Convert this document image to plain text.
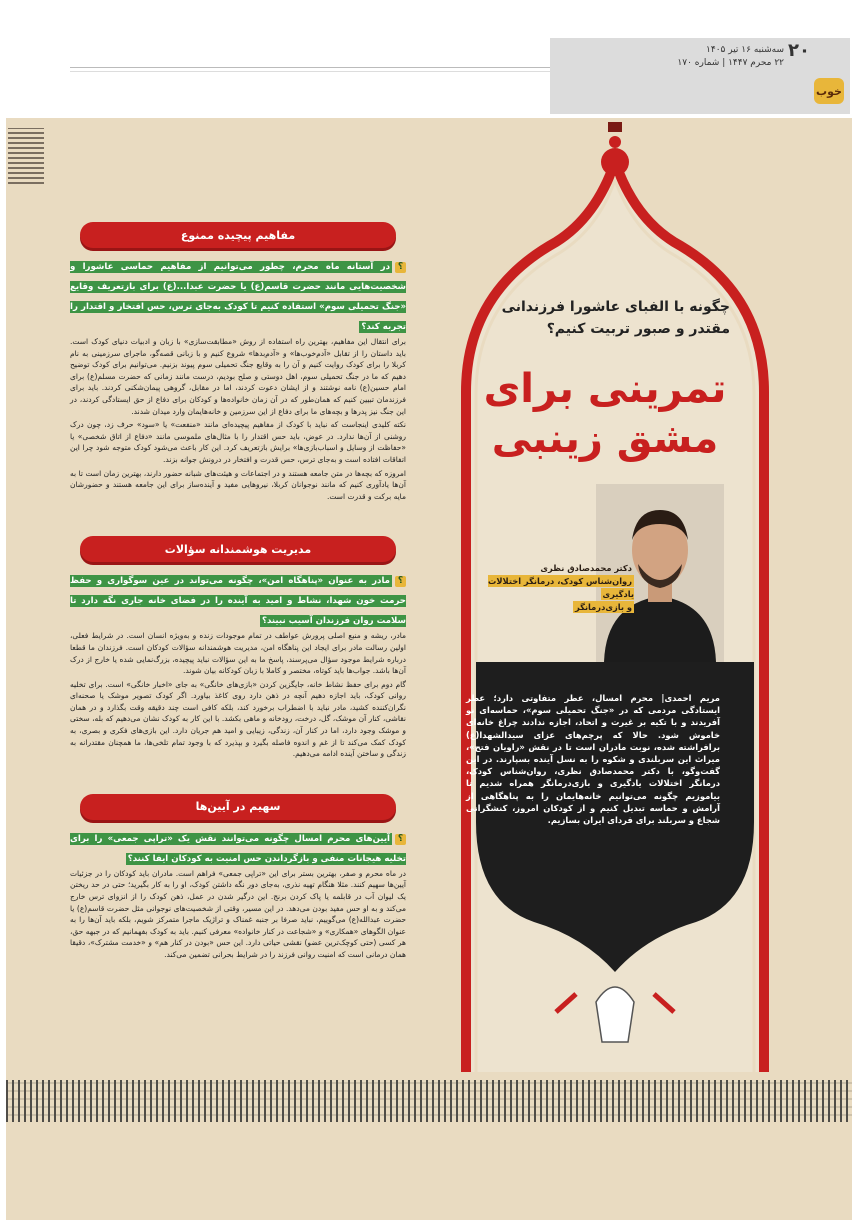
۲۰
سه‌شنبه ۱۶ تیر ۱۴۰۵
۲۲ محرم ۱۴۴۷ | شماره ۱۷۰
خوب
چگونه با الفبای عاشورا فرزندانی مقتدر و صبور تربیت کنیم؟
تمرینی برای مشق زینبی
دکتر محمدصادق نظری
روان‌شناس کودک، درمانگر اختلالات یادگیری
و بازی‌درمانگر
مریم احمدی| محرم امسال، عطر متفاوتی دارد؛ عطر ایستادگی مردمی که در «جنگ تحمیلی سوم»، حماسه‌ای نو آفریدند و با تکیه بر غیرت و اتحاد، اجازه ندادند چراغ خانه‌ای خاموش شود. حالا که پرچم‌های عزای سیدالشهدا(ع) برافراشته شده، نوبت مادران است تا در نقش «راویان فتح»، میراث این سربلندی و شکوه را به نسل آینده بسپارند. در این گفت‌وگو، با دکتر محمدصادق نظری، روان‌شناس کودک، درمانگر اختلالات یادگیری و بازی‌درمانگر همراه شدیم تا بیاموزیم چگونه می‌توانیم خانه‌هایمان را به پناهگاهی از آرامش و حماسه تبدیل کنیم و از کودکان امروز، کنشگرانی شجاع و سربلند برای فردای ایران بسازیم.
مفاهیم پیچیده ممنوع
؟در آستانه ماه محرم، چطور می‌توانیم از مفاهیم حماسی عاشورا و شخصیت‌هایی مانند حضرت قاسم(ع) یا حضرت عبدا...(ع) برای بازتعریف وقایع «جنگ تحمیلی سوم» استفاده کنیم تا کودک به‌جای ترس، حس افتخار و اقتدار را تجربه کند؟

برای انتقال این مفاهیم، بهترین راه استفاده از روش «مطابقت‌سازی» با زبان و ادبیات دنیای کودک است. باید داستان را از تقابل «آدم‌خوب‌ها» و «آدم‌بدها» شروع کنیم و با زبانی قصه‌گو، ماجرای سرزمینی به نام کربلا را برای کودک روایت کنیم و آن را به وقایع جنگ تحمیلی سوم پیوند بزنیم. می‌توانیم برای کودک توضیح دهیم که ما در جنگ تحمیلی سوم، اهل دوستی و صلح بودیم، درست مانند زمانی که حضرت مسلم(ع) برای امام حسین(ع) نامه نوشتند و از ایشان دعوت کردند، اما در مقابل، گروهی پیمان‌شکنی کردند. باید برای فرزندمان تبیین کنیم که همان‌طور که در آن زمان خانواده‌ها و کودکان برای دفاع از حق ایستادگی کردند، در این جنگ نیز پدرها و بچه‌های ما برای دفاع از این سرزمین و خانه‌هایمان وارد میدان شدند.

نکته کلیدی اینجاست که نباید با کودک از مفاهیم پیچیده‌ای مانند «منفعت» یا «سود» حرف زد، چون درک روشنی از آن‌ها ندارد. در عوض، باید حس اقتدار را با مثال‌های ملموسی مانند «دفاع از اتاق شخصی» یا «حفاظت از وسایل و اسباب‌بازی‌ها» برایش بازتعریف کرد. این کار باعث می‌شود کودک متوجه شود چرا این اتفاقات افتاده است و به‌جای ترس، حس قدرت و افتخار در درونش جوانه بزند.

امروزه که بچه‌ها در متن جامعه هستند و در اجتماعات و هیئت‌های شبانه حضور دارند، بهترین زمان است تا به آن‌ها یادآوری کنیم که مانند نوجوانان کربلا، نیروهایی مفید و آینده‌ساز برای این جامعه هستند و حضورشان مایه برکت و قدرت است.

مدیریت هوشمندانه سؤالات
؟مادر به عنوان «پناهگاه امن»، چگونه می‌تواند در عین سوگواری و حفظ حرمت خون شهدا، نشاط و امید به آینده را در فضای خانه جاری نگه دارد تا سلامت روان فرزندان آسیب نبیند؟

مادر، ریشه و منبع اصلی پرورش عواطف در تمام موجودات زنده و به‌ویژه انسان است. در شرایط فعلی، اولین رسالت مادر برای ایجاد این پناهگاه امن، مدیریت هوشمندانه سؤالات کودکان است. فرزندان ما قطعا درباره شرایط موجود سؤال می‌پرسند، پاسخ ما به این سؤالات نباید پیچیده، بزرگ‌نمایی شده یا خارج از درک آن‌ها باشد. جواب‌ها باید کوتاه، مختصر و کاملا با زبان کودکانه بیان شوند.

گام دوم برای حفظ نشاط خانه، جایگزین کردن «بازی‌های خانگی» به جای «اخبار خانگی» است. برای تخلیه روانی کودک، باید اجازه دهیم آنچه در ذهن دارد روی کاغذ بیاورد. اگر کودک تصویر موشک یا صحنه‌ای نگران‌کننده کشید، مادر نباید با اضطراب برخورد کند، بلکه کافی است چند دقیقه وقت بگذارد و در همان نقاشی، کنار آن موشک، گل، درخت، رودخانه و ماهی بکشد. با این کار به کودک نشان می‌دهیم که بله، سختی و موشک وجود دارد، اما در کنار آن، زندگی، زیبایی و امید هم جریان دارد. این بازی‌های فکری و بصری، به کودک کمک می‌کند تا از غم و اندوه فاصله بگیرد و بپذیرد که با وجود تمام تلخی‌ها، ما همچنان مقتدرانه به زندگی و ساختن آینده ادامه می‌دهیم.

سهیم در آیین‌ها
؟آیین‌های محرم امسال چگونه می‌توانند نقش یک «تراپی جمعی» را برای تخلیه هیجانات منفی و بازگرداندن حس امنیت به کودکان ایفا کنند؟

در ماه محرم و صفر، بهترین بستر برای این «تراپی جمعی» فراهم است. مادران باید کودکان را در جزئیات آیین‌ها سهیم کنند. مثلا هنگام تهیه نذری، به‌جای دور نگه داشتن کودک، او را به کار بگیرید؛ حتی در حد ریختن یک لیوان آب در قابلمه یا پاک کردن برنج. این درگیر شدن در عمل، ذهن کودک را از انزوای ترس خارج می‌کند و به او حس مفید بودن می‌دهد. در این مسیر، وقتی از شخصیت‌های نوجوانی مثل حضرت قاسم(ع) یا حضرت عبدالله(ع) می‌گوییم، نباید صرفا بر جنبه غمناک و تراژیک ماجرا متمرکز شویم، بلکه باید آن‌ها را به عنوان الگوهای «همکاری» و «شجاعت در کنار خانواده» معرفی کنیم. باید به کودک بفهمانیم که در جبهه حق، هر کسی (حتی کوچک‌ترین عضو) نقشی حیاتی دارد. این حس «بودن در کنار هم» و «خدمت مشترک»، دقیقا همان درمانی است که امنیت روانی فرزند را در شرایط بحرانی تضمین می‌کند.
